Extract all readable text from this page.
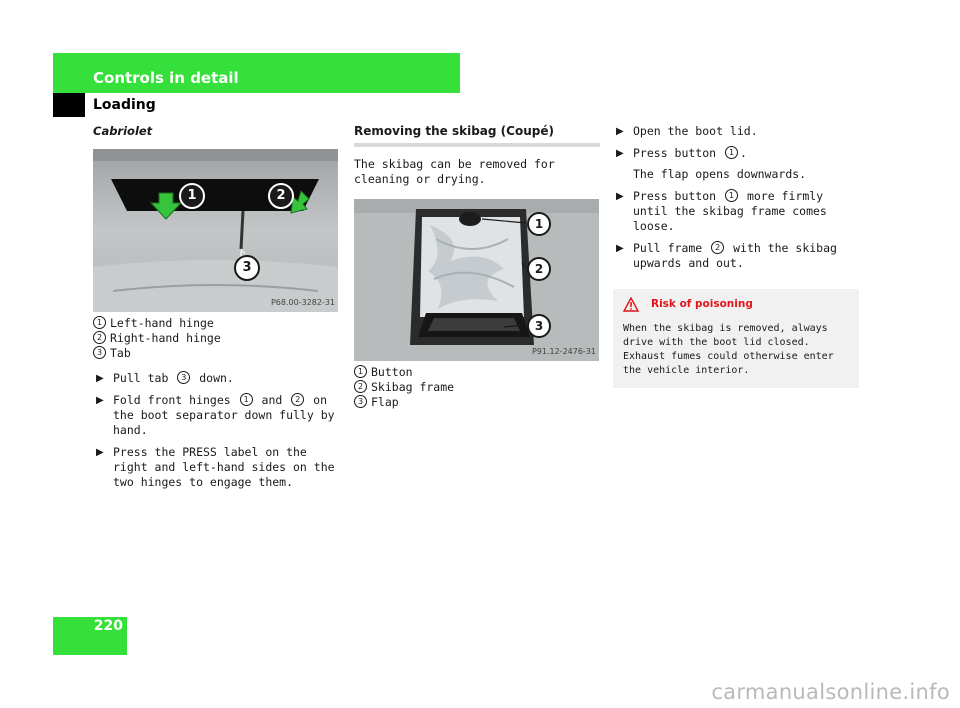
Controls in detail
Loading
Cabriolet
1	2
3
P68.00-3282-31
1 Left-hand hinge
2 Right-hand hinge
3 Tab
▶ Pull tab 3 down.
▶ Fold front hinges 1 and 2 on the boot separator down fully by hand.
▶ Press the PRESS label on the right and left-hand sides on the two hinges to engage them.
Removing the skibag (Coupé)

The skibag can be removed for cleaning or drying.

1
2
3
P91.12-2476-31
1 Button
2 Skibag frame
3 Flap
▶ Open the boot lid.
▶ Press button 1 .
The flap opens downwards.
▶ Press button 1 more firmly until the skibag frame comes loose.
▶ Pull frame 2 with the skibag upwards and out.
Risk of poisoning
When the skibag is removed, always drive with the boot lid closed. Exhaust fumes could otherwise enter the vehicle interior.
220
carmanualsonline.info
